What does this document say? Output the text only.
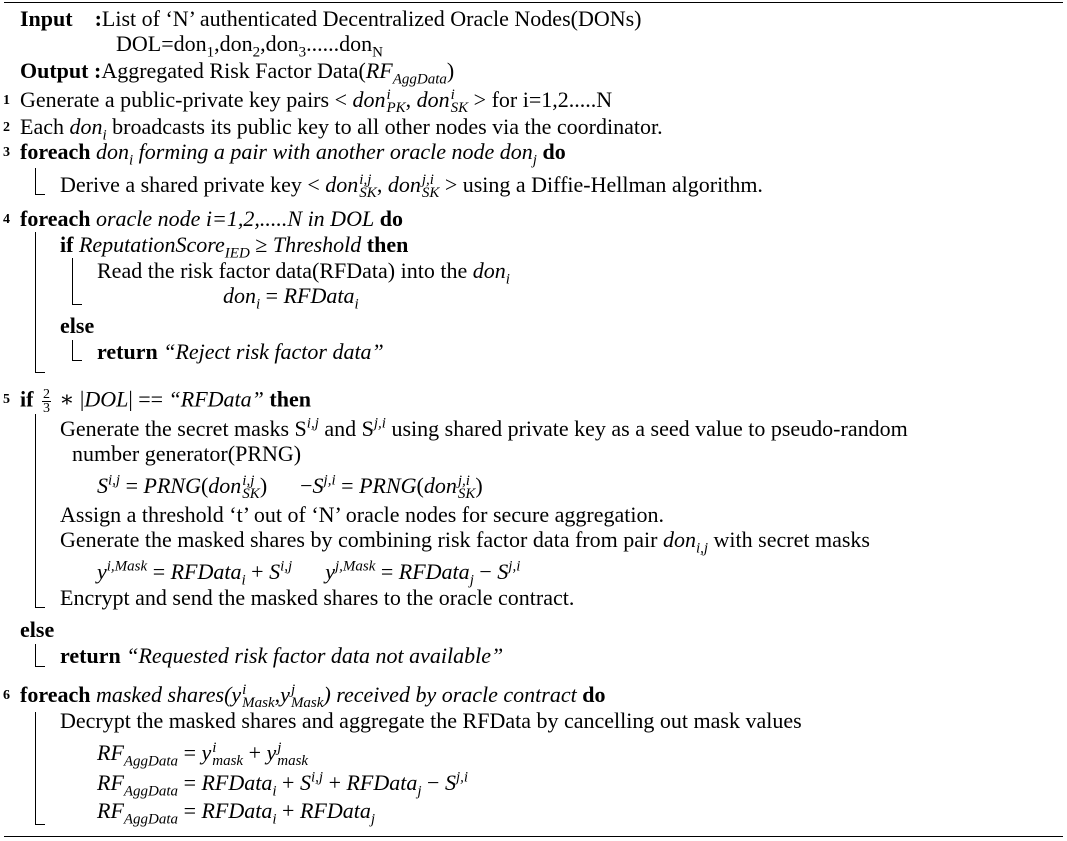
Input :List of ‘N’ authenticated Decentralized Oracle Nodes(DONs)
DOL=don$_1$,don$_2$,don$_3$......don$_N$
Output :Aggregated Risk Factor $Data(RF_{AggData})$
1 Generate a public-private key pairs < don i
PK , don i
SK > for i=1,2.....N
2 Each don$_i$ broadcasts its public key to all other nodes via the coordinator.
3 foreach don$_i$ forming a pair with another oracle node don$_j$ do
Derive a shared private key < don i,j
SK , don j,i
SK > using a Diffie-Hellman algorithm.
4 foreach oracle node i=1,2,.....N in DOL do
if ReputationScore$_{IED}$ ≥ Threshold then
Read the risk factor data(RFData) into the don$_i$
don$_i$ = RFData$_i$
else
return “Reject risk factor data”
5 if $\frac{2}{3}$ ∗ |DOL| == “RFData” then
Generate the secret masks S$^{i,j}$ and S$^{j,i}$ using shared private key as a seed value to pseudo-random
number generator(PRNG)
S$^{i,j}$ = PRNG(don i,j
SK )      $-S^{j,i}$ = PRNG(don j,i
SK )
Assign a threshold ‘t’ out of ‘N’ oracle nodes for secure aggregation.
Generate the masked shares by combining risk factor data from pair don$_{i,j}$ with secret masks
$y^{i,Mask}$ = RFData$_i$ + S$^{i,j}$ $y^{j,Mask}$ = RFData$_j$ − S$^{j,i}$
Encrypt and send the masked shares to the oracle contract.
else
return “Requested risk factor data not available”
6 foreach masked shares(y i
Mask ,y j
Mask ) received by oracle contract do
Decrypt the masked shares and aggregate the RFData by cancelling out mask values
$RF_{AggData} = y$ i
mask + y j
mask
$RF_{AggData}$ = RFData$_i$ + S$^{i,j}$ + RFData$_j$ − S$^{j,i}$
$RF_{AggData}$ = RFData$_i$ + RFData$_j$
